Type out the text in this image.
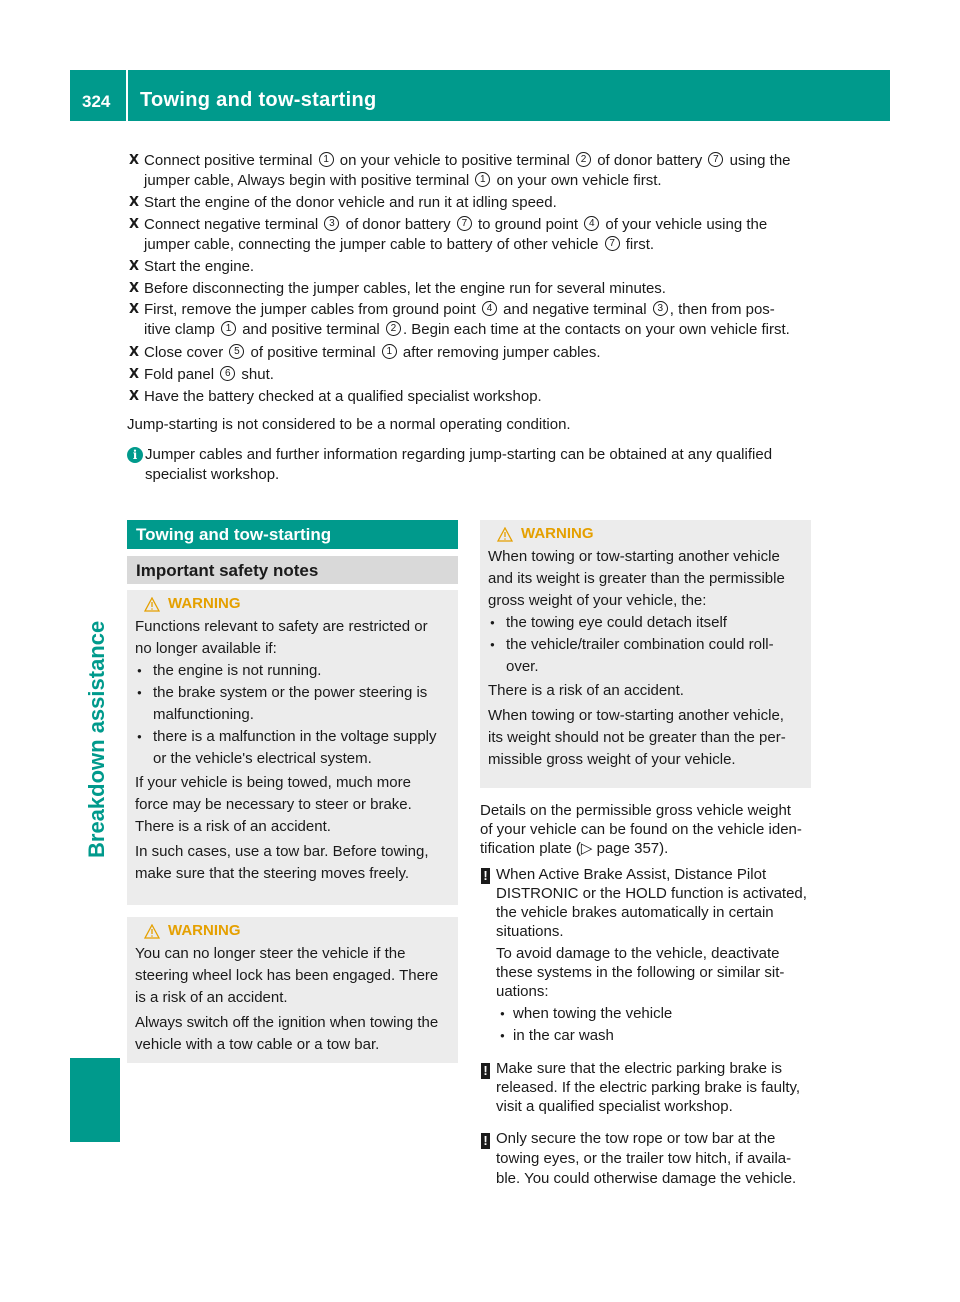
324 Towing and tow-starting
Breakdown assistance
X Connect positive terminal 1 on your vehicle to positive terminal 2 of donor battery 7 using the
jumper cable, Always begin with positive terminal 1 on your own vehicle first.
X Start the engine of the donor vehicle and run it at idling speed.
X Connect negative terminal 3 of donor battery 7 to ground point 4 of your vehicle using the
jumper cable, connecting the jumper cable to battery of other vehicle 7 first.
X Start the engine.
X Before disconnecting the jumper cables, let the engine run for several minutes.
X First, remove the jumper cables from ground point 4 and negative terminal 3 , then from pos-
itive clamp 1 and positive terminal 2 . Begin each time at the contacts on your own vehicle first.
X Close cover 5 of positive terminal 1 after removing jumper cables.
X Fold panel 6 shut.
X Have the battery checked at a qualified specialist workshop.
Jump-starting is not considered to be a normal operating condition.
i Jumper cables and further information regarding jump-starting can be obtained at any qualified
specialist workshop.
Towing and tow-starting
Important safety notes
WARNING
Functions relevant to safety are restricted or
no longer available if:
● the engine is not running.
● the brake system or the power steering is
malfunctioning.
● there is a malfunction in the voltage supply
or the vehicle's electrical system.
If your vehicle is being towed, much more
force may be necessary to steer or brake.
There is a risk of an accident.
In such cases, use a tow bar. Before towing,
make sure that the steering moves freely.
WARNING
You can no longer steer the vehicle if the
steering wheel lock has been engaged. There
is a risk of an accident.
Always switch off the ignition when towing the
vehicle with a tow cable or a tow bar.
WARNING
When towing or tow-starting another vehicle
and its weight is greater than the permissible
gross weight of your vehicle, the:
● the towing eye could detach itself
● the vehicle/trailer combination could roll-
over.
There is a risk of an accident.
When towing or tow-starting another vehicle,
its weight should not be greater than the per-
missible gross weight of your vehicle.
Details on the permissible gross vehicle weight
of your vehicle can be found on the vehicle iden-
tification plate (▷ page 357).
! When Active Brake Assist, Distance Pilot
DISTRONIC or the HOLD function is activated,
the vehicle brakes automatically in certain
situations.
To avoid damage to the vehicle, deactivate
these systems in the following or similar sit-
uations:
● when towing the vehicle
● in the car wash
! Make sure that the electric parking brake is
released. If the electric parking brake is faulty,
visit a qualified specialist workshop.
! Only secure the tow rope or tow bar at the
towing eyes, or the trailer tow hitch, if availa-
ble. You could otherwise damage the vehicle.
